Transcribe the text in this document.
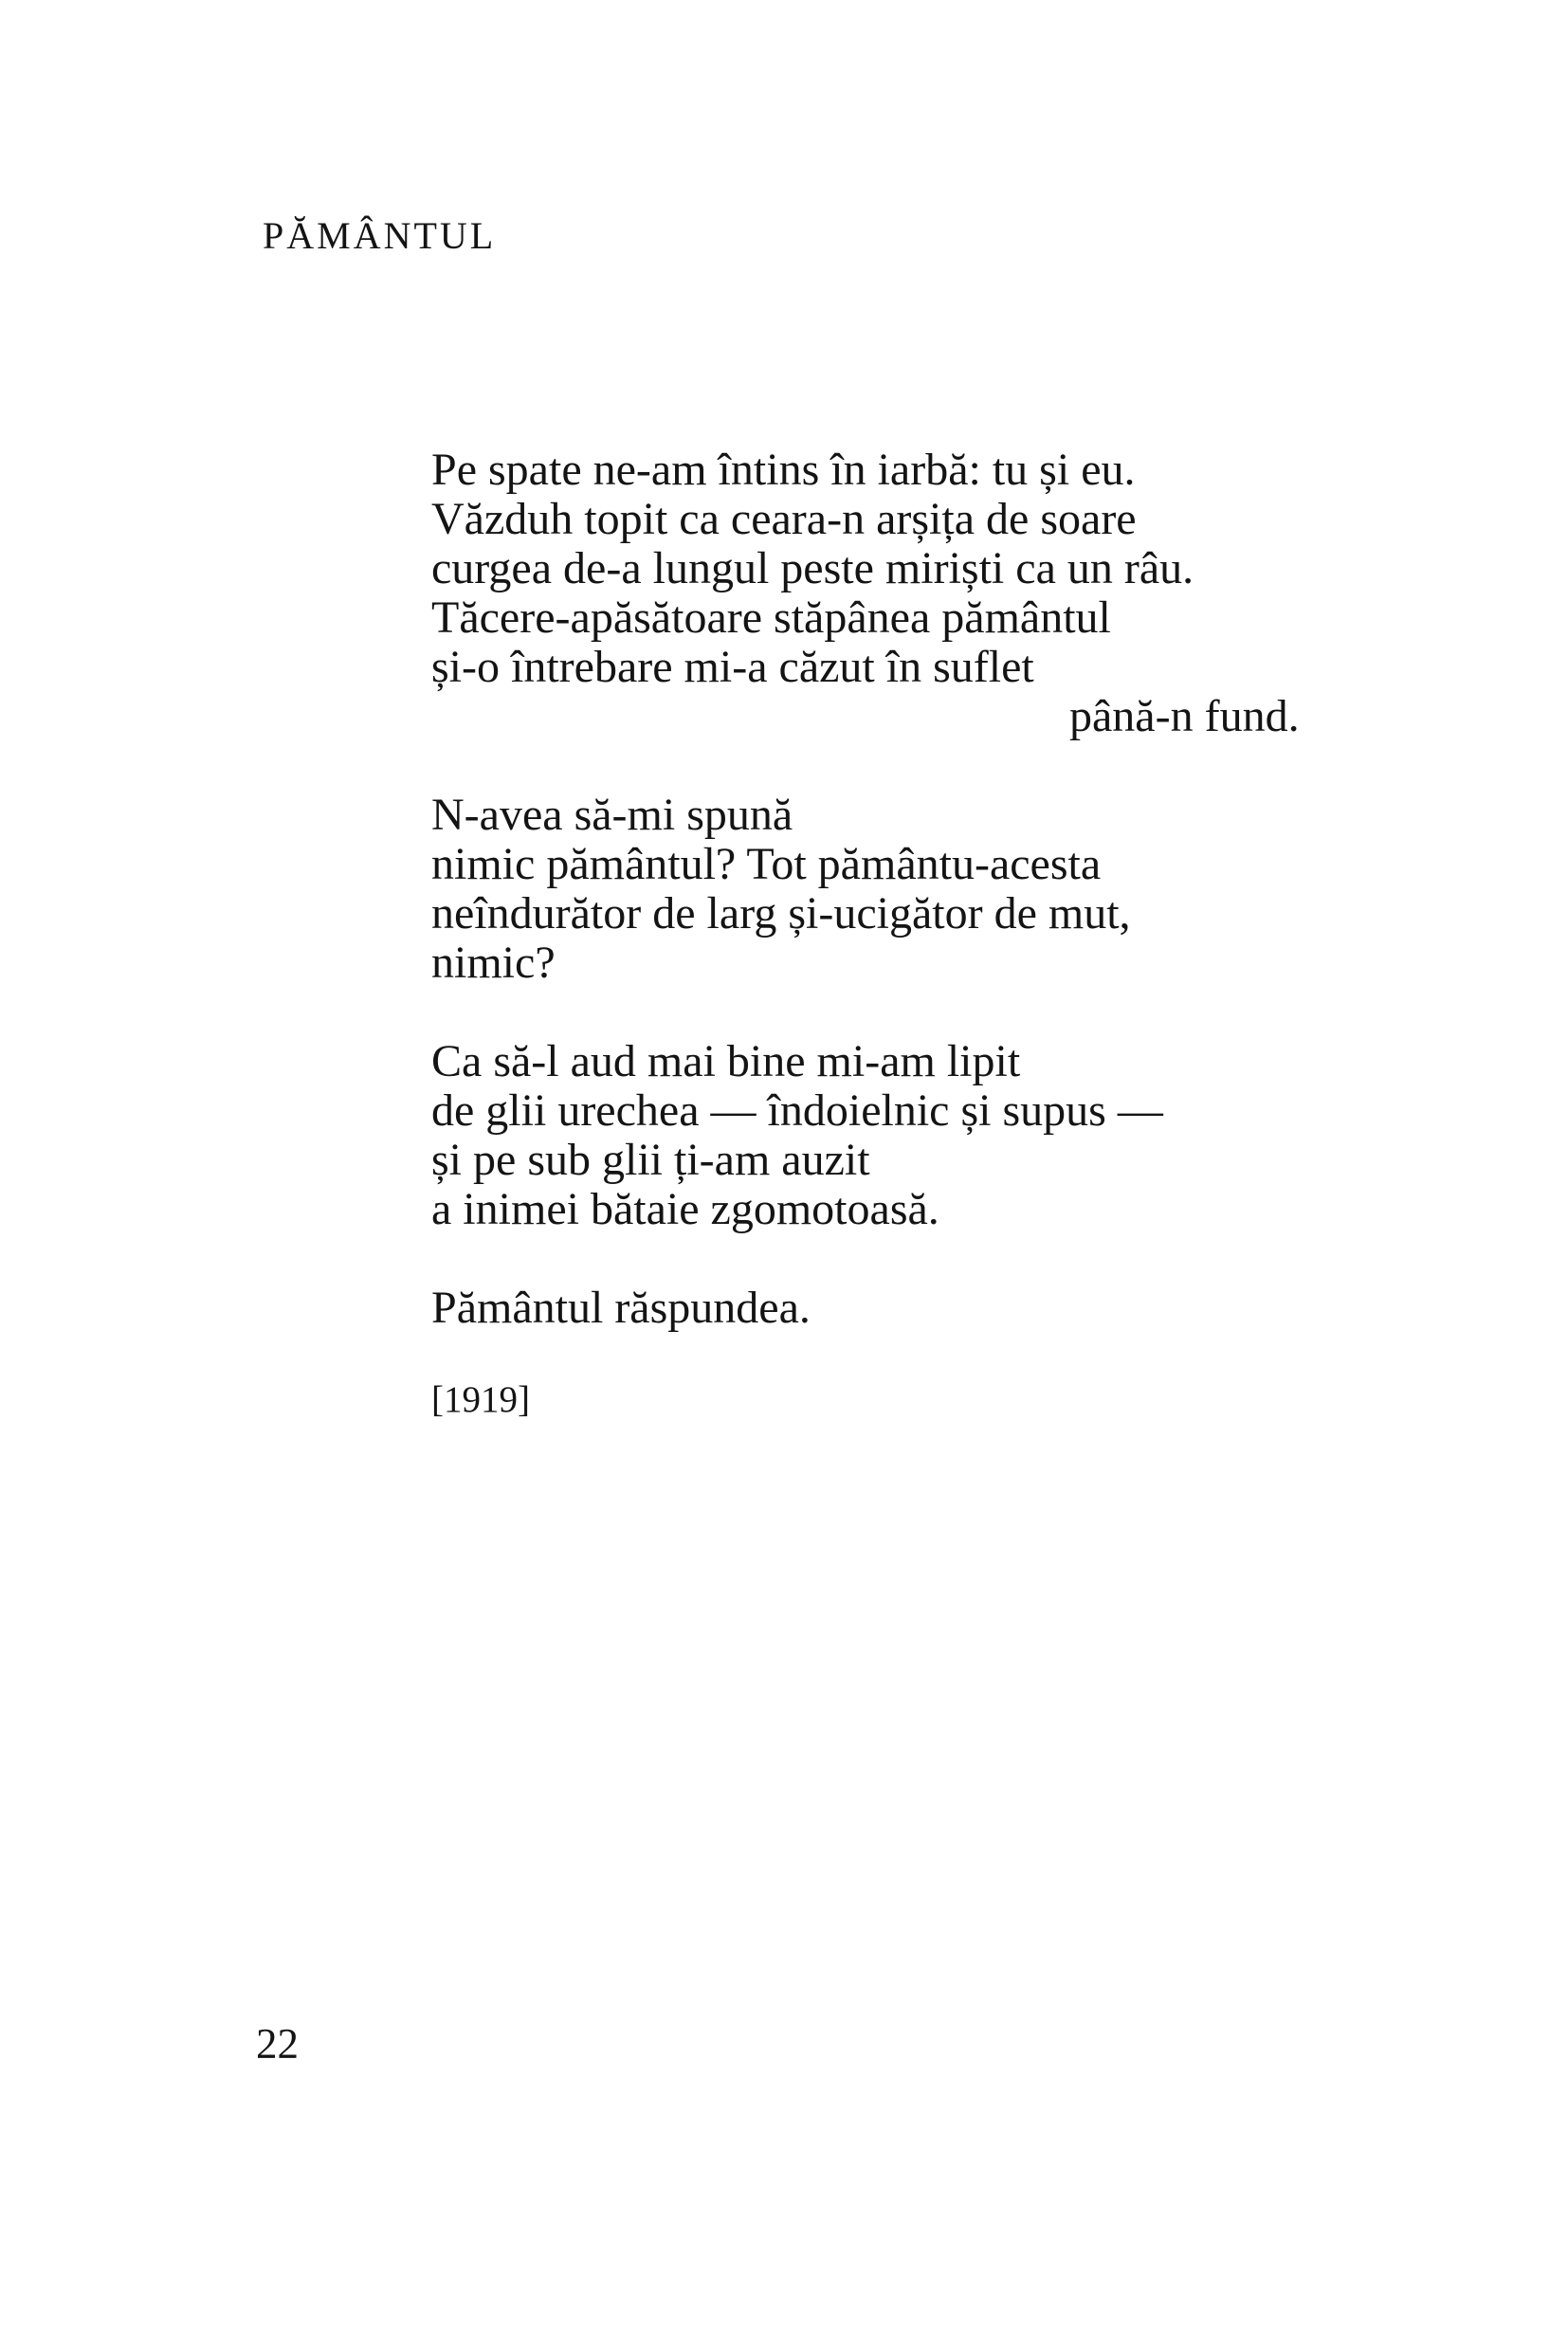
PĂMÂNTUL
Pe spate ne-am întins în iarbă: tu și eu.
Văzduh topit ca ceara-n arșița de soare
curgea de-a lungul peste miriști ca un râu.
Tăcere-apăsătoare stăpânea pământul
și-o întrebare mi-a căzut în suflet
până-n fund.
N-avea să-mi spună
nimic pământul? Tot pământu-acesta
neîndurător de larg și-ucigător de mut,
nimic?
Ca să-l aud mai bine mi-am lipit
de glii urechea — îndoielnic și supus —
și pe sub glii ți-am auzit
a inimei bătaie zgomotoasă.
Pământul răspundea.
[1919]
22
